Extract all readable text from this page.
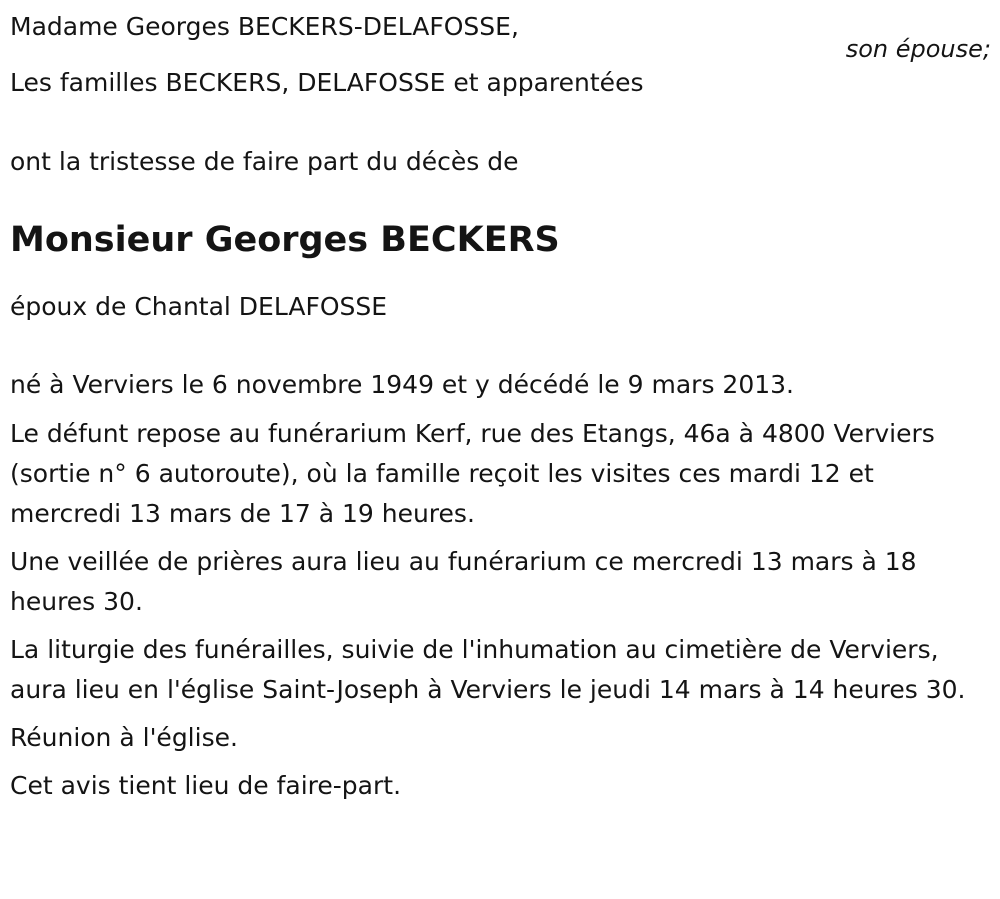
Madame Georges BECKERS-DELAFOSSE,
son épouse;

Les familles BECKERS, DELAFOSSE et apparentées

ont la tristesse de faire part du décès de

Monsieur Georges BECKERS

époux de Chantal DELAFOSSE

né à Verviers le 6 novembre 1949 et y décédé le 9 mars 2013.

Le défunt repose au funérarium Kerf, rue des Etangs, 46a à 4800 Verviers (sortie n° 6 autoroute), où la famille reçoit les visites ces mardi 12 et mercredi 13 mars de 17 à 19 heures.

Une veillée de prières aura lieu au funérarium ce mercredi 13 mars à 18 heures 30.

La liturgie des funérailles, suivie de l'inhumation au cimetière de Verviers, aura lieu en l'église Saint-Joseph à Verviers le jeudi 14 mars à 14 heures 30.

Réunion à l'église.

Cet avis tient lieu de faire-part.
